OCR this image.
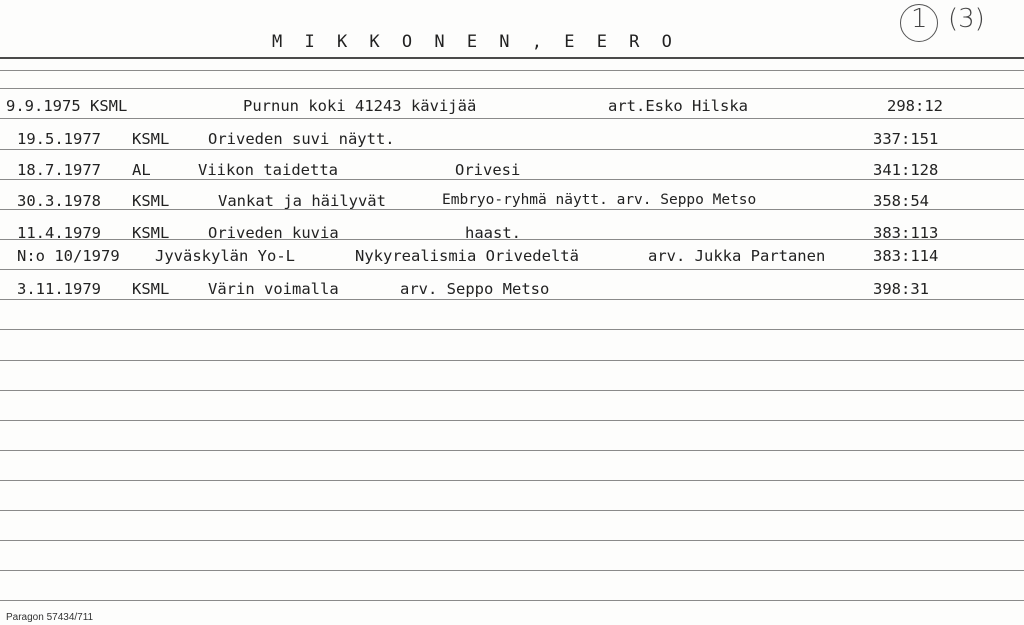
M I K K O N E N , E E R O
1 (3)
9.9.1975 KSML	Purnun koki 41243 kävijää	art.Esko Hilska	298:12
19.5.1977 KSML Oriveden suvi näytt.	337:151
18.7.1977 AL	Viikon taidetta	Orivesi	341:128
30.3.1978 KSML	Vankat ja häilyvät	Embryo-ryhmä näytt. arv. Seppo Metso	358:54
11.4.1979 KSML Oriveden kuvia	haast.	383:113
N:o 10/1979 Jyväskylän Yo-L	Nykyrealismia Orivedeltä	arv. Jukka Partanen	383:114
3.11.1979 KSML Värin voimalla	arv. Seppo Metso	398:31
Paragon 57434/711
